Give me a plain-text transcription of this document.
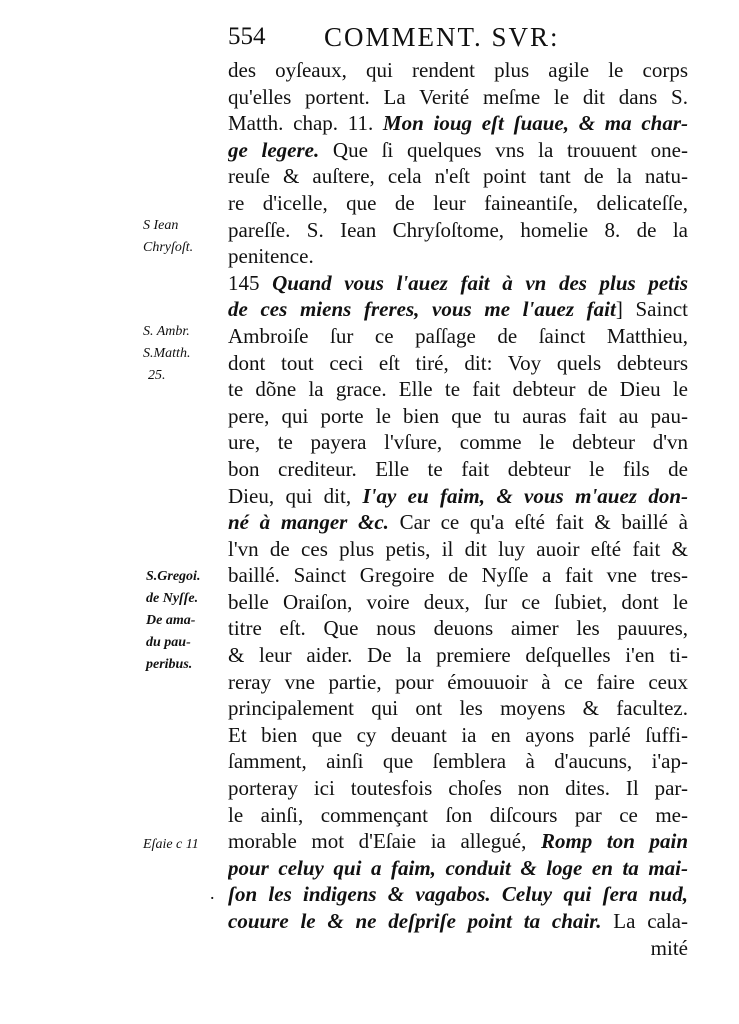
554 COMMENT. SVR:
S Iean
Chryſoſt.
S. Ambr.
S.Matth.
25.
S.Gregoi.
de Nyſſe.
De ama-
du pau-
peribus.
Eſaie c 11
.
des oyſeaux, qui rendent plus agile le corps
qu'elles portent. La Verité meſme le dit dans S.
Matth. chap. 11. Mon ioug eſt ſuaue, & ma char-
ge legere. Que ſi quelques vns la trouuent one-
reuſe & auſtere, cela n'eſt point tant de la natu-
re d'icelle, que de leur faineantiſe, delicateſſe,
pareſſe. S. Iean Chryſoſtome, homelie 8. de la
penitence.
145 Quand vous l'auez fait à vn des plus petis
de ces miens freres, vous me l'auez fait] Sainct
Ambroiſe ſur ce paſſage de ſainct Matthieu,
dont tout ceci eſt tiré, dit: Voy quels debteurs
te dõne la grace. Elle te fait debteur de Dieu le
pere, qui porte le bien que tu auras fait au pau-
ure, te payera l'vſure, comme le debteur d'vn
bon crediteur. Elle te fait debteur le fils de
Dieu, qui dit, I'ay eu faim, & vous m'auez don-
né à manger &c. Car ce qu'a eſté fait & baillé à
l'vn de ces plus petis, il dit luy auoir eſté fait &
baillé. Sainct Gregoire de Nyſſe a fait vne tres-
belle Oraiſon, voire deux, ſur ce ſubiet, dont le
titre eſt. Que nous deuons aimer les pauures,
& leur aider. De la premiere deſquelles i'en ti-
reray vne partie, pour émouuoir à ce faire ceux
principalement qui ont les moyens & facultez.
Et bien que cy deuant ia en ayons parlé ſuffi-
ſamment, ainſi que ſemblera à d'aucuns, i'ap-
porteray ici toutesfois choſes non dites. Il par-
le ainſi, commençant ſon diſcours par ce me-
morable mot d'Eſaie ia allegué, Romp ton pain
pour celuy qui a faim, conduit & loge en ta mai-
ſon les indigens & vagabos. Celuy qui ſera nud,
couure le & ne deſpriſe point ta chair. La cala-
mité
